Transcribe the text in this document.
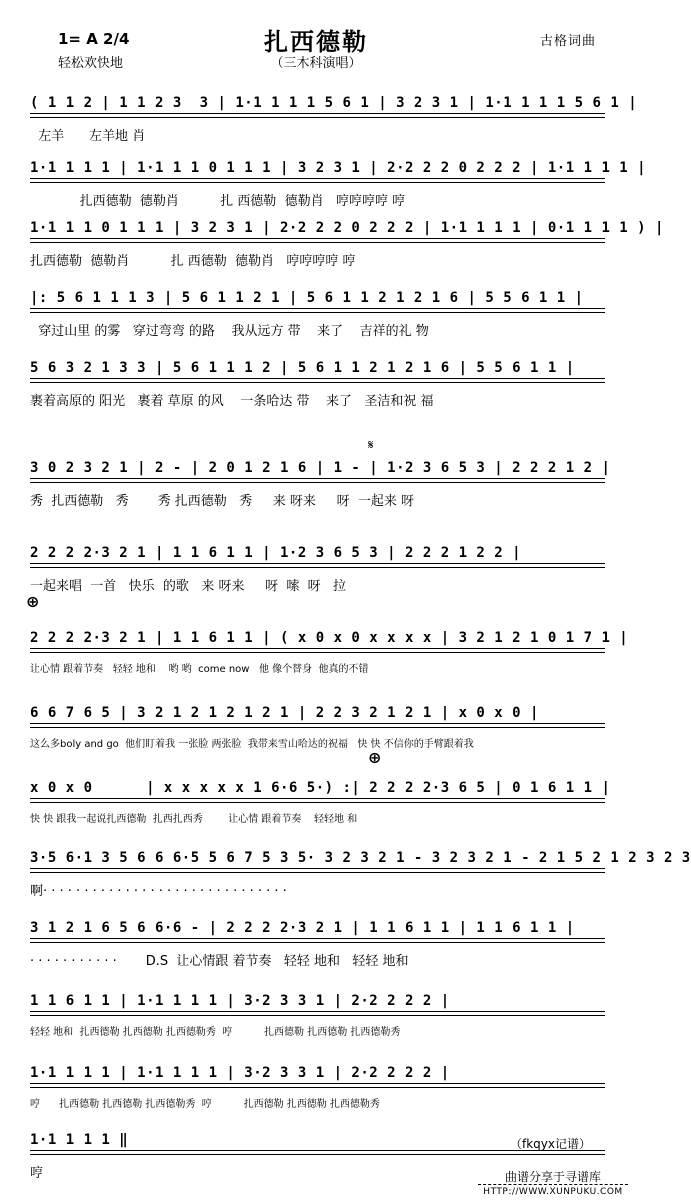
扎西德勒
（三木科演唱）
1= A 2/4
轻松欢快地
古格词曲
( 1 1 2 | 1 1 2 3  3 | 1·1 1 1 1 5 6 1 | 3 2 3 1 | 1·1 1 1 1 5 6 1 |
左羊      左羊地 肖
1·1 1 1 1 | 1·1 1 1 0 1 1 1 | 3 2 3 1 | 2·2 2 2 0 2 2 2 | 1·1 1 1 1 |
扎西德勒  德勒肖          扎 西德勒  德勒肖   哼哼哼哼 哼
1·1 1 1 0 1 1 1 | 3 2 3 1 | 2·2 2 2 0 2 2 2 | 1·1 1 1 1 | 0·1 1 1 1 ) |
扎西德勒  德勒肖          扎 西德勒  德勒肖   哼哼哼哼 哼
|: 5 6 1 1 1 3 | 5 6 1 1 2 1 | 5 6 1 1 2 1 2 1 6 | 5 5 6 1 1 |
穿过山里 的雾   穿过弯弯 的路    我从远方 带    来了    吉祥的礼 物
5 6 3 2 1 3 3 | 5 6 1 1 1 2 | 5 6 1 1 2 1 2 1 6 | 5 5 6 1 1 |
裹着高原的 阳光   裹着 草原 的风    一条哈达 带    来了   圣洁和祝 福
3 0 2 3 2 1 | 2 - | 2 0 1 2 1 6 | 1 - | 1·2 3 6 5 3 | 2 2 2 1 2 |
秀  扎西德勒   秀       秀 扎西德勒   秀     来 呀来     呀  一起来 呀
2 2 2 2·3 2 1 | 1 1 6 1 1 | 1·2 3 6 5 3 | 2 2 2 1 2 2 |
一起来唱  一首   快乐  的歌   来 呀来     呀  嗦  呀   拉
2 2 2 2·3 2 1 | 1 1 6 1 1 | ( x 0 x 0 x x x x | 3 2 1 2 1 0 1 7 1 |
让心情 跟着节奏   轻轻 地和    哟 哟  come now   他 像个替身  他真的不错
6 6 7 6 5 | 3 2 1 2 1 2 1 2 1 | 2 2 3 2 1 2 1 | x 0 x 0 |
这么多boly and go  他们盯着我 一张脸 两张脸  我带来雪山哈达的祝福   快 快 不信你的手臂跟着我
x 0 x 0      | x x x x x 1 6·6 5·) :| 2 2 2 2·3 6 5 | 0 1 6 1 1 |
快 快 跟我一起说扎西德勒  扎西扎西秀        让心情 跟着节奏    轻轻地 和
3·5 6·1 3 5 6 6 6·5 5 6 7 5 3 5· 3 2 3 2 1 - 3 2 3 2 1 - 2 1 5 2 1 2 3 2 3
啊· · · · · · · · · · · · · · · · · · · · · · · · · · · · · ·
3 1 2 1 6 5 6 6·6 - | 2 2 2 2·3 2 1 | 1 1 6 1 1 | 1 1 6 1 1 |
· · · · · · · · · · ·       D.S  让心情跟 着节奏   轻轻 地和   轻轻 地和
1 1 6 1 1 | 1·1 1 1 1 | 3·2 3 3 1 | 2·2 2 2 2 |
轻轻 地和  扎西德勒 扎西德勒 扎西德勒秀  哼          扎西德勒 扎西德勒 扎西德勒秀
1·1 1 1 1 | 1·1 1 1 1 | 3·2 3 3 1 | 2·2 2 2 2 |
哼      扎西德勒 扎西德勒 扎西德勒秀  哼          扎西德勒 扎西德勒 扎西德勒秀
1·1 1 1 1 ‖
哼
𝄋
⊕
⊕
（fkqyx记谱）
曲谱分享于寻谱库
HTTP://WWW.XUNPUKU.COM
